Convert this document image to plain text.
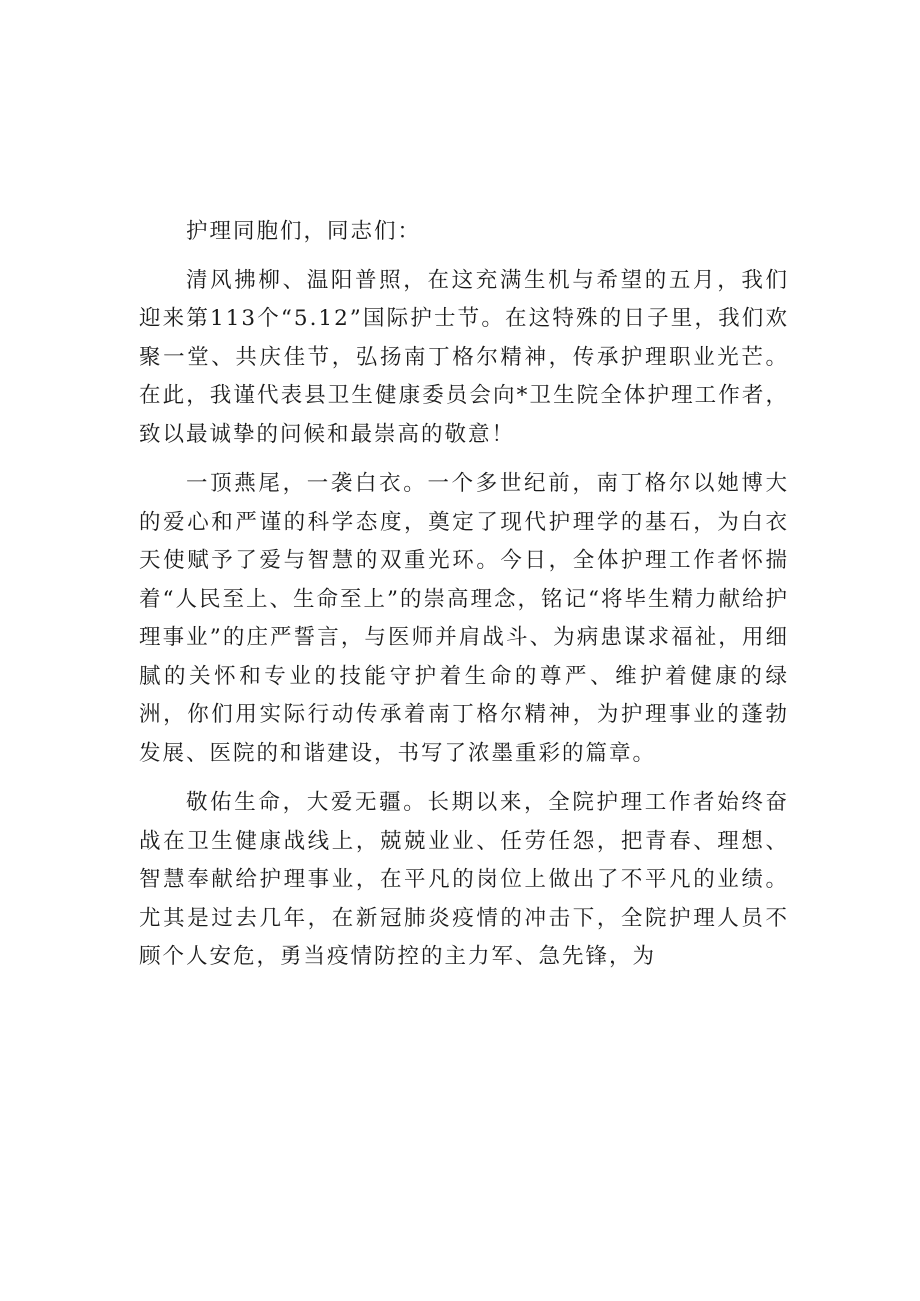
护理同胞们，同志们：

清风拂柳、温阳普照，在这充满生机与希望的五月，我们迎来第113个“5.12”国际护士节。在这特殊的日子里，我们欢聚一堂、共庆佳节，弘扬南丁格尔精神，传承护理职业光芒。在此，我谨代表县卫生健康委员会向*卫生院全体护理工作者，致以最诚挚的问候和最崇高的敬意！

一顶燕尾，一袭白衣。一个多世纪前，南丁格尔以她博大的爱心和严谨的科学态度，奠定了现代护理学的基石，为白衣天使赋予了爱与智慧的双重光环。今日，全体护理工作者怀揣着“人民至上、生命至上”的崇高理念，铭记“将毕生精力献给护理事业”的庄严誓言，与医师并肩战斗、为病患谋求福祉，用细腻的关怀和专业的技能守护着生命的尊严、维护着健康的绿洲，你们用实际行动传承着南丁格尔精神，为护理事业的蓬勃发展、医院的和谐建设，书写了浓墨重彩的篇章。

敬佑生命，大爱无疆。长期以来，全院护理工作者始终奋战在卫生健康战线上，兢兢业业、任劳任怨，把青春、理想、智慧奉献给护理事业，在平凡的岗位上做出了不平凡的业绩。尤其是过去几年，在新冠肺炎疫情的冲击下，全院护理人员不顾个人安危，勇当疫情防控的主力军、急先锋，为
